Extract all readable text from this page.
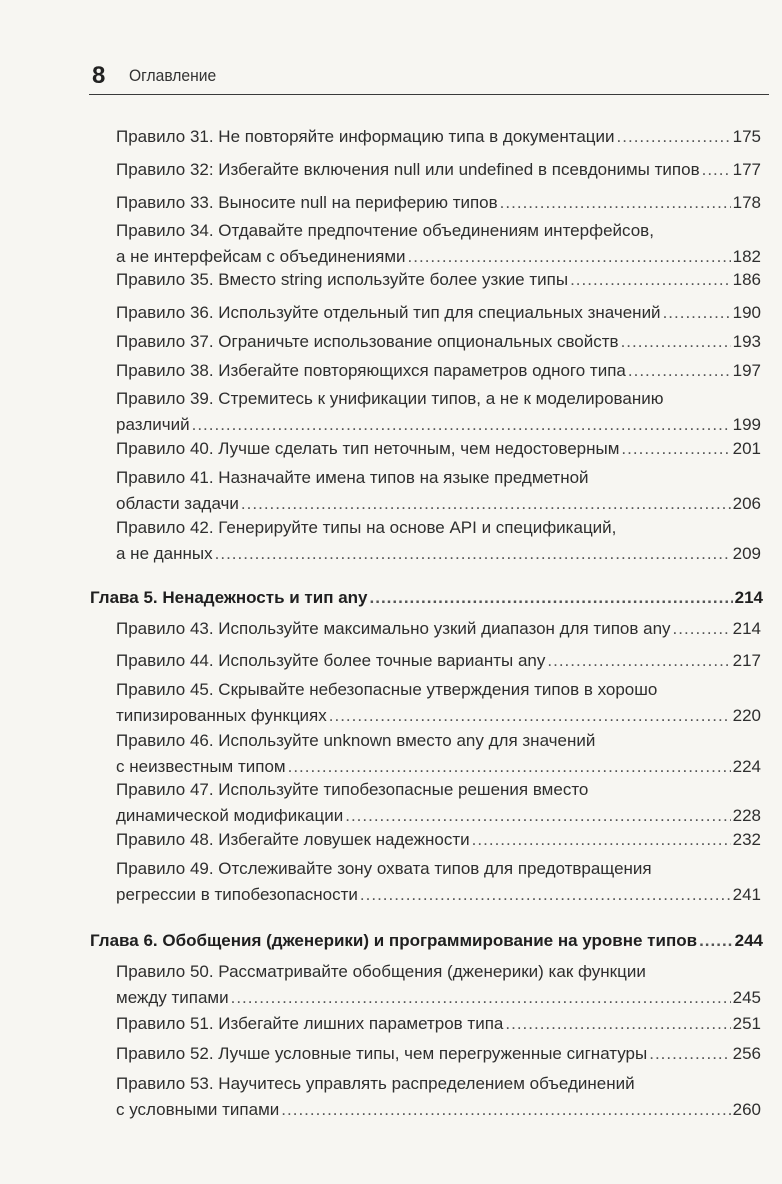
8 Оглавление
Правило 31. Не повторяйте информацию типа в документации .....	175
Правило 32: Избегайте включения null или undefined в псевдонимы типов ..... 177
Правило 33. Выносите null на периферию типов .....	178
Правило 34. Отдавайте предпочтение объединениям интерфейсов,
а не интерфейсам с объединениями .....	182
Правило 35. Вместо string используйте более узкие типы .....	186
Правило 36. Используйте отдельный тип для специальных значений .....	190
Правило 37. Ограничьте использование опциональных свойств .....	193
Правило 38. Избегайте повторяющихся параметров одного типа .....	197
Правило 39. Стремитесь к унификации типов, а не к моделированию
различий .....	199
Правило 40. Лучше сделать тип неточным, чем недостоверным .....	201
Правило 41. Назначайте имена типов на языке предметной
области задачи .....	206
Правило 42. Генерируйте типы на основе API и спецификаций,
а не данных .....	209
Глава 5. Ненадежность и тип any .....	214
Правило 43. Используйте максимально узкий диапазон для типов any .....	214
Правило 44. Используйте более точные варианты any .....	217
Правило 45. Скрывайте небезопасные утверждения типов в хорошо
типизированных функциях .....	220
Правило 46. Используйте unknown вместо any для значений
с неизвестным типом .....	224
Правило 47. Используйте типобезопасные решения вместо
динамической модификации .....	228
Правило 48. Избегайте ловушек надежности .....	232
Правило 49. Отслеживайте зону охвата типов для предотвращения
регрессии в типобезопасности .....	241
Глава 6. Обобщения (дженерики) и программирование на уровне типов ..... 244
Правило 50. Рассматривайте обобщения (дженерики) как функции
между типами .....	245
Правило 51. Избегайте лишних параметров типа .....	251
Правило 52. Лучше условные типы, чем перегруженные сигнатуры .....	256
Правило 53. Научитесь управлять распределением объединений
с условными типами .....	260
